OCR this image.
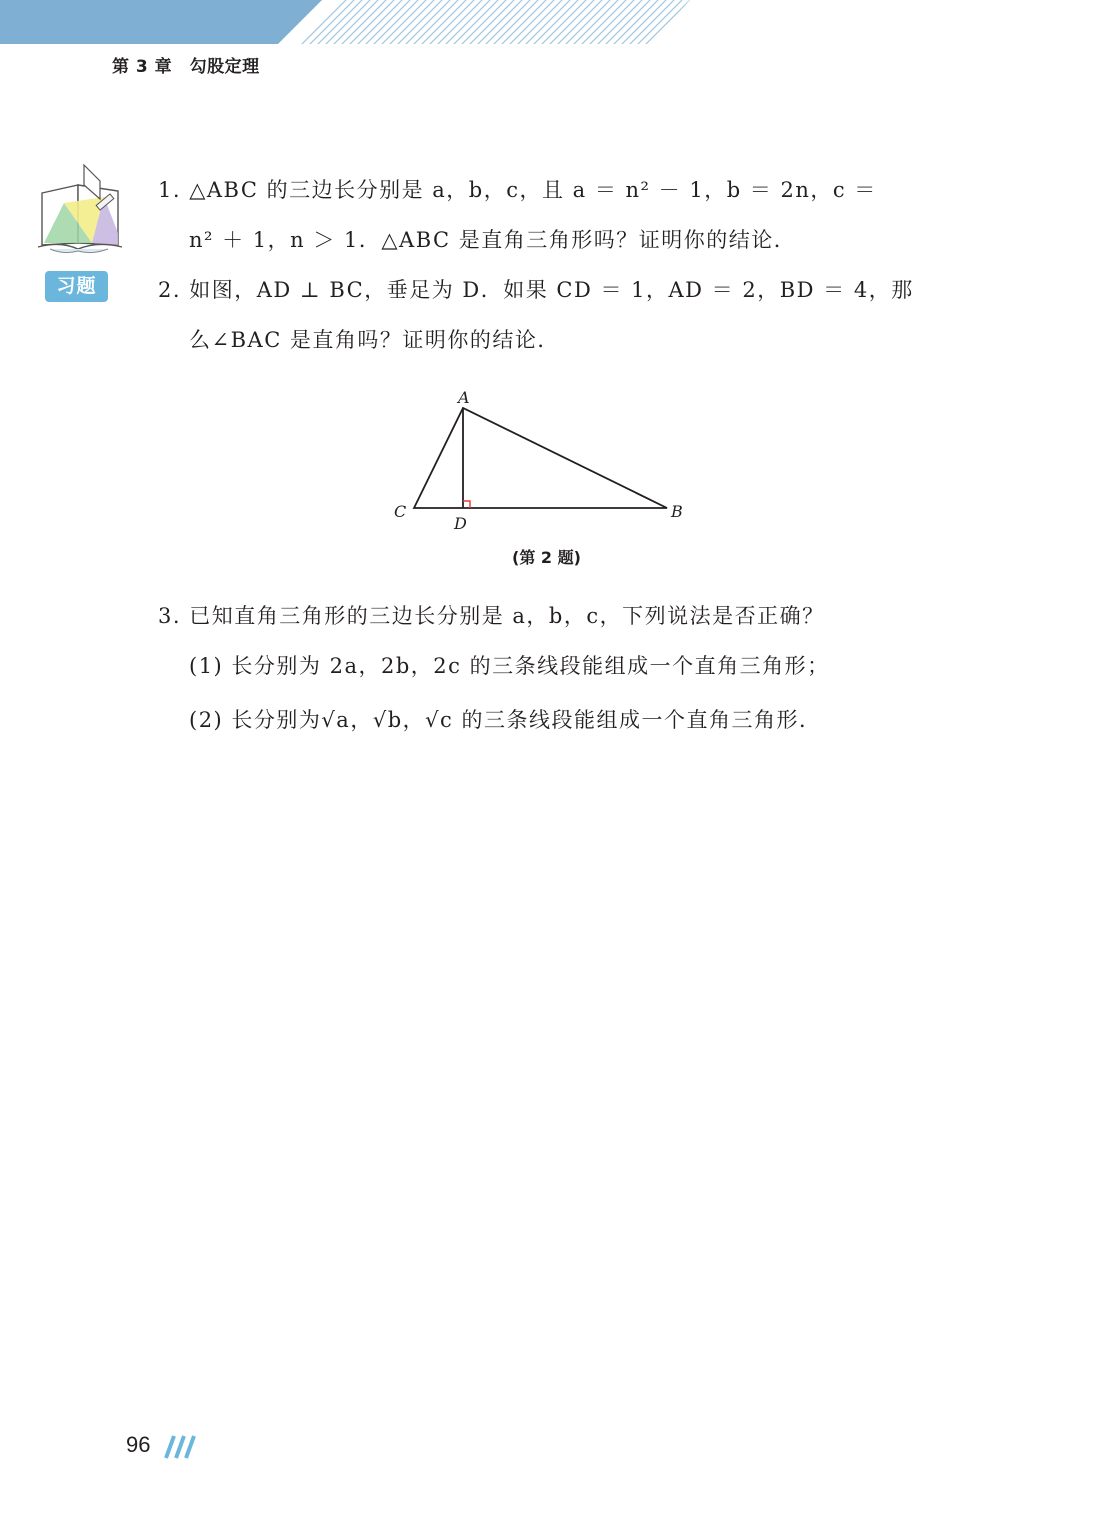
第 3 章　勾股定理
习题
1. △ABC 的三边长分别是 a，b，c，且 a ＝ n² － 1，b ＝ 2n，c ＝
n² ＋ 1，n ＞ 1．△ABC 是直角三角形吗？证明你的结论．
2. 如图，AD ⊥ BC，垂足为 D．如果 CD ＝ 1，AD ＝ 2，BD ＝ 4，那
么∠BAC 是直角吗？证明你的结论．
A
C
D
B
(第 2 题)
3. 已知直角三角形的三边长分别是 a，b，c，下列说法是否正确？
(1) 长分别为 2a，2b，2c 的三条线段能组成一个直角三角形；
(2) 长分别为√a，√b，√c 的三条线段能组成一个直角三角形．
96
